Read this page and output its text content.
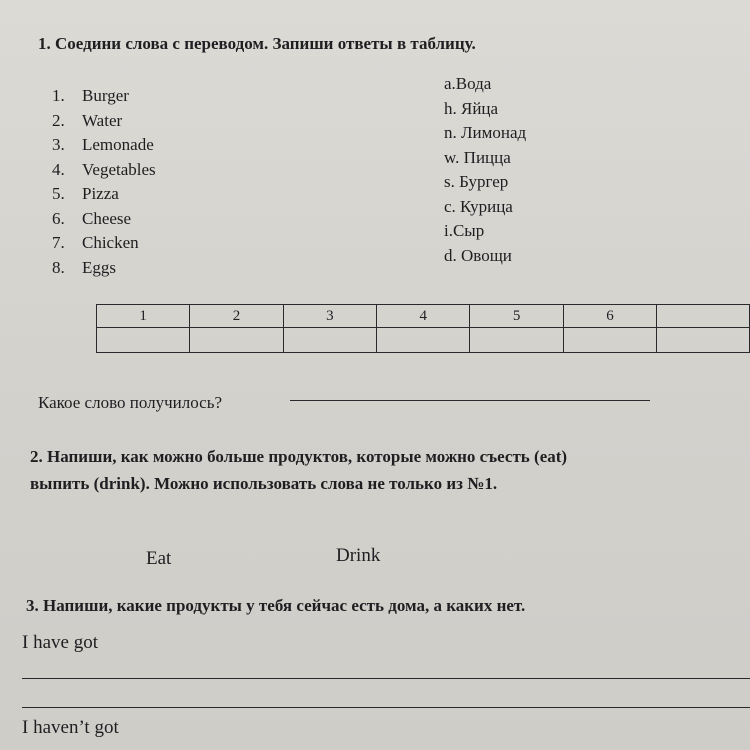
1. Соедини слова с переводом. Запиши ответы в таблицу.
1. Burger
2. Water
3. Lemonade
4. Vegetables
5. Pizza
6. Cheese
7. Chicken
8. Eggs
a.Вода
h. Яйца
n. Лимонад
w. Пицца
s. Бургер
c. Курица
i.Сыр
d. Овощи
1	2	3	4	5	6	

Какое слово получилось?
2. Напиши, как можно больше продуктов, которые можно съесть (eat)
выпить (drink). Можно использовать слова не только из №1.
Eat	Drink
3. Напиши, какие продукты у тебя сейчас есть дома, а каких нет.
I have got
I haven’t got
